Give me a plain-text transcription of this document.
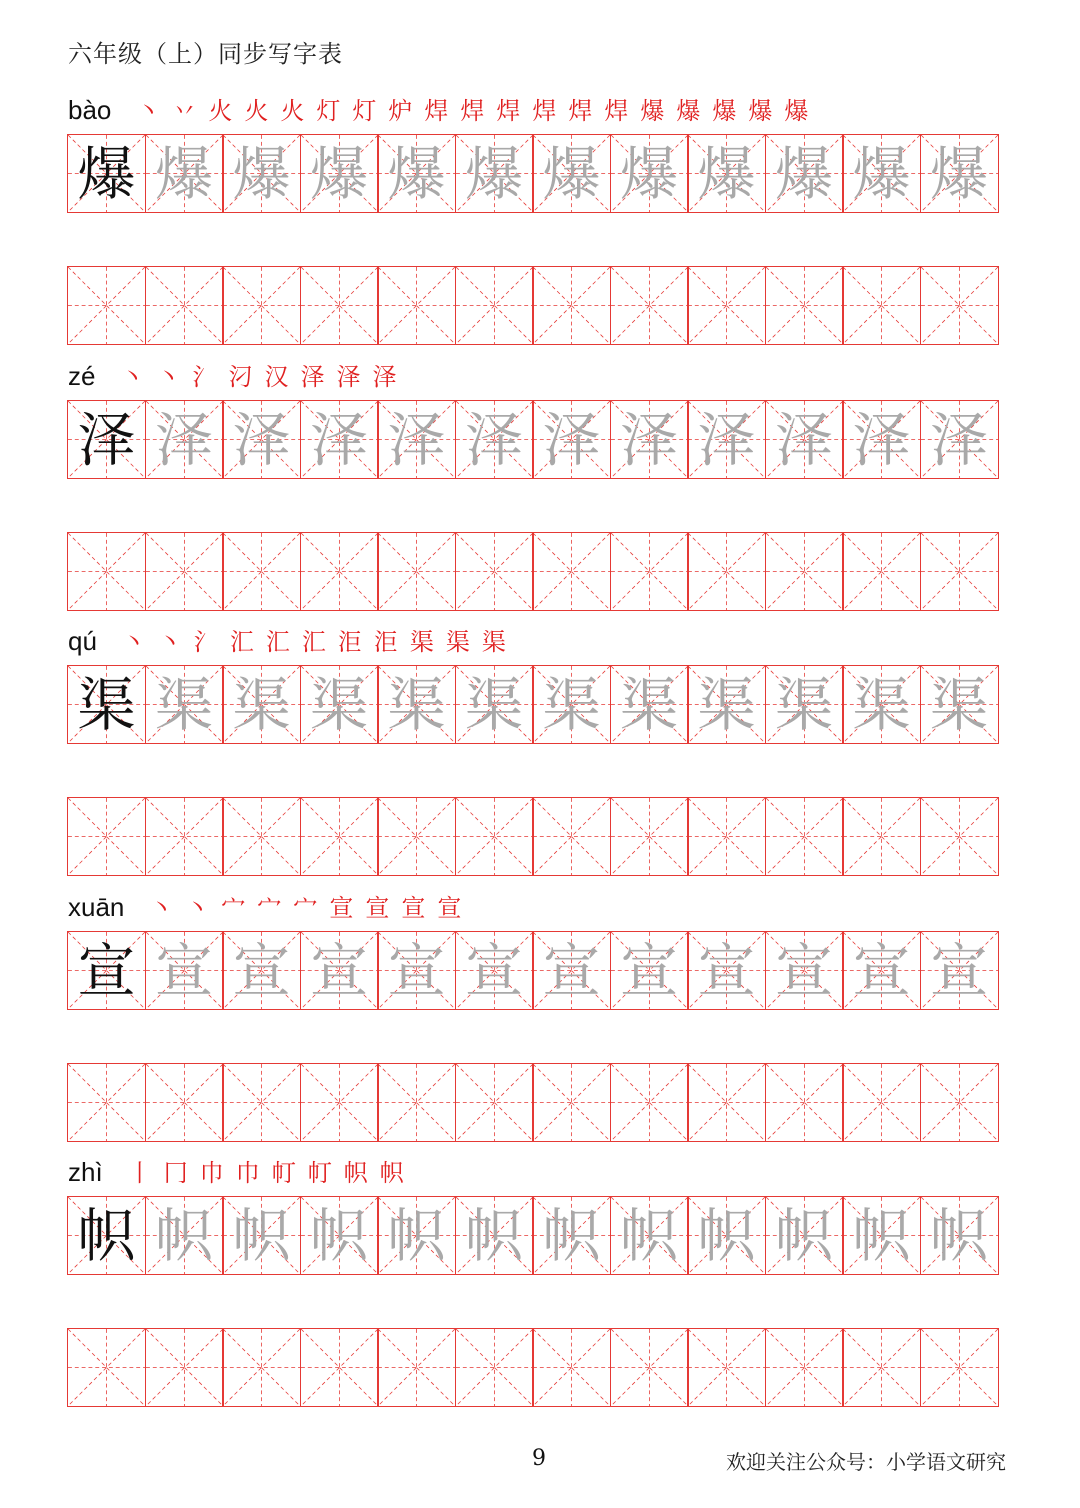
六年级（上）同步写字表
bào 丶 丷 火 火 火 灯 灯 炉 焊 焊 焊 焊 焊 焊 爆 爆 爆 爆 爆
爆 爆 爆 爆 爆 爆 爆 爆 爆 爆 爆 爆
zé 丶 丶 氵 汈 汉 泽 泽 泽
泽 泽 泽 泽 泽 泽 泽 泽 泽 泽 泽 泽
qú 丶 丶 氵 汇 汇 汇 洰 洰 渠 渠 渠
渠 渠 渠 渠 渠 渠 渠 渠 渠 渠 渠 渠
xuān 丶 丶 宀 宀 宀 宣 宣 宣 宣
宣 宣 宣 宣 宣 宣 宣 宣 宣 宣 宣 宣
zhì 丨 冂 巾 巾 帄 帄 帜 帜
帜 帜 帜 帜 帜 帜 帜 帜 帜 帜 帜 帜
9	欢迎关注公众号：小学语文研究
